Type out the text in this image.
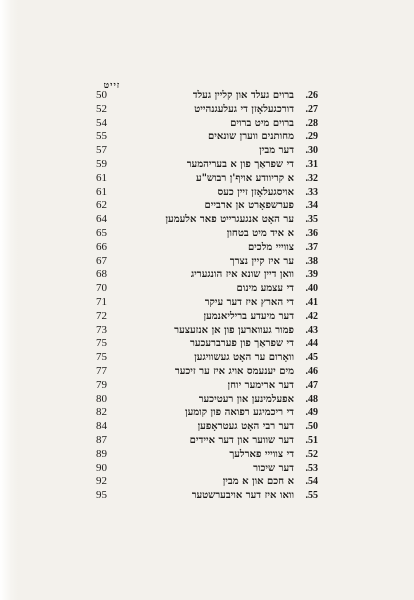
זייט
50	ברוים געלד און קליין געלד	.26
52	דורכגעלאָזן די געלעגנהייט	.27
54	ברוים מיט ברוים	.28
55	מחותנים ווערן שונאים	.29
57	דער מבין	.30
59	די שפראַך פון א בעריהמער	.31
61	א קריוודע אויף'ן רבוש"ע	.32
61	אויסגעלאָזן זיין כעס	.33
62	פערשפאָרט אן ארביים	.34
64	ער האָט אנגעגרייט פאר אלעמען	.35
65	א איד מיט בטחון	.36
66	צווייי מלכים	.37
67	ער איז קיין נצרך	.38
68	וואן דיין שונא איז הונגעריג	.39
70	די עצמע מינום	.40
71	די הארץ איז דער עיקר	.41
72	דער מיעדע בריליאנמען	.42
73	פמור געווארען פון אן אנזעצער	.43
75	די שפראַך פון פערברעכער	.44
75	וואָרום ער האָט געשוויגען	.45
77	מים יענעמס אויג איז ער זיכער	.46
79	דער ארימער יוחן	.47
80	אפעלמינען און רעטיכער	.48
82	די ריכמיגע רפואה פון קומען	.49
84	דער רבי האָט געטראָפען	.50
87	דער שווער און דער איידים	.51
89	די צווייי פארלעך	.52
90	דער שיכור	.53
92	א חכם און א מבין	.54
95	וואו איז דער אויבערשטער	.55
